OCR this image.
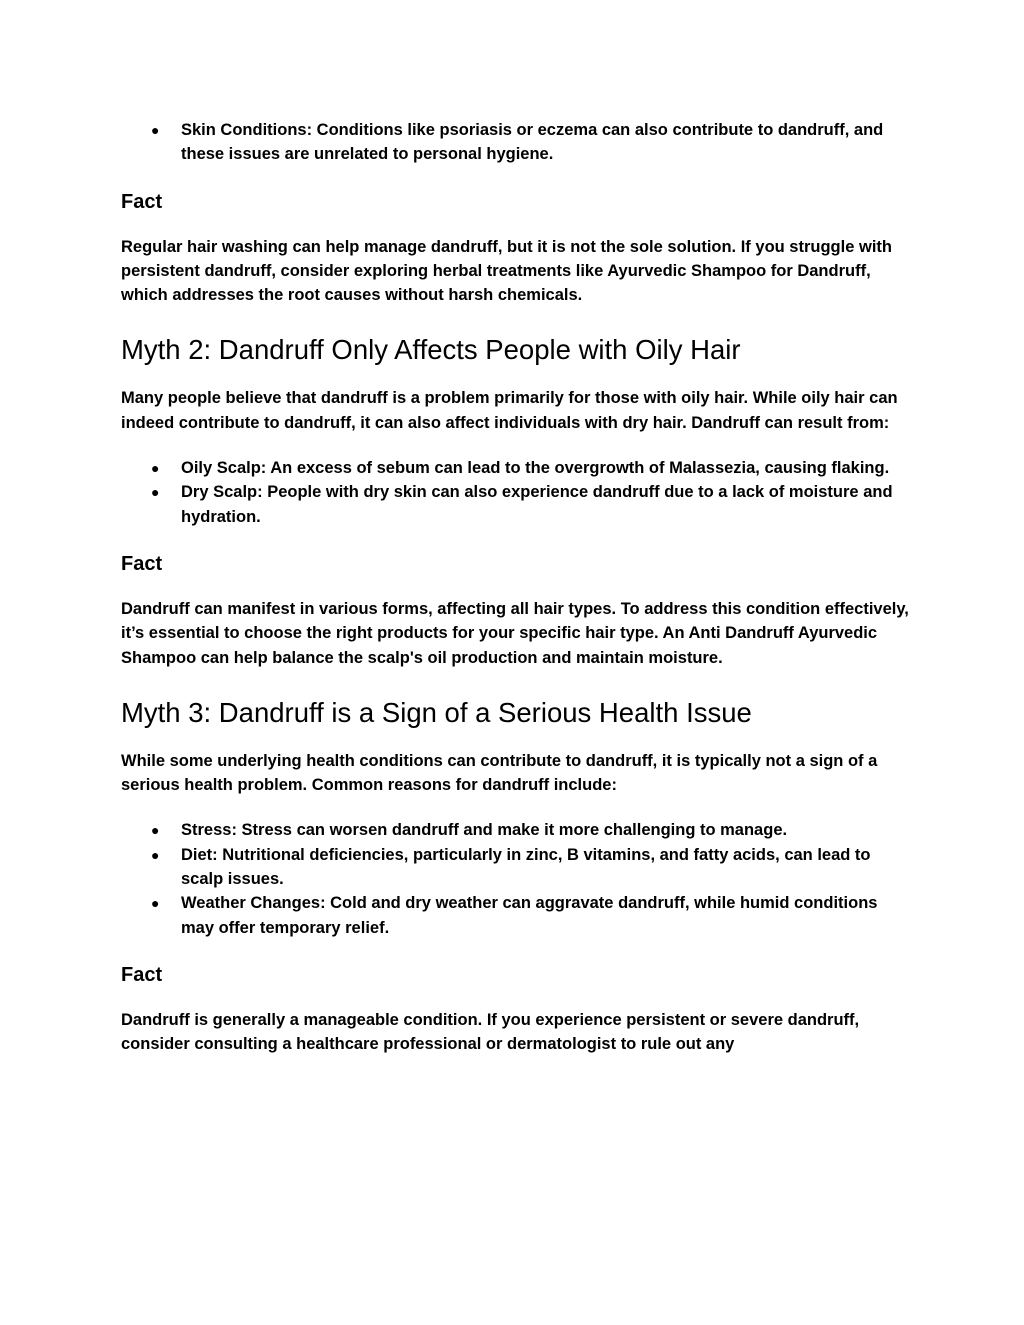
● Skin Conditions: Conditions like psoriasis or eczema can also contribute to dandruff, and these issues are unrelated to personal hygiene.
Fact

Regular hair washing can help manage dandruff, but it is not the sole solution. If you struggle with persistent dandruff, consider exploring herbal treatments like Ayurvedic Shampoo for Dandruff, which addresses the root causes without harsh chemicals.

Myth 2: Dandruff Only Affects People with Oily Hair

Many people believe that dandruff is a problem primarily for those with oily hair. While oily hair can indeed contribute to dandruff, it can also affect individuals with dry hair. Dandruff can result from:

● Oily Scalp: An excess of sebum can lead to the overgrowth of Malassezia, causing flaking.
● Dry Scalp: People with dry skin can also experience dandruff due to a lack of moisture and hydration.
Fact

Dandruff can manifest in various forms, affecting all hair types. To address this condition effectively, it’s essential to choose the right products for your specific hair type. An Anti Dandruff Ayurvedic Shampoo can help balance the scalp's oil production and maintain moisture.

Myth 3: Dandruff is a Sign of a Serious Health Issue

While some underlying health conditions can contribute to dandruff, it is typically not a sign of a serious health problem. Common reasons for dandruff include:

● Stress: Stress can worsen dandruff and make it more challenging to manage.
● Diet: Nutritional deficiencies, particularly in zinc, B vitamins, and fatty acids, can lead to scalp issues.
● Weather Changes: Cold and dry weather can aggravate dandruff, while humid conditions may offer temporary relief.
Fact

Dandruff is generally a manageable condition. If you experience persistent or severe dandruff, consider consulting a healthcare professional or dermatologist to rule out any
